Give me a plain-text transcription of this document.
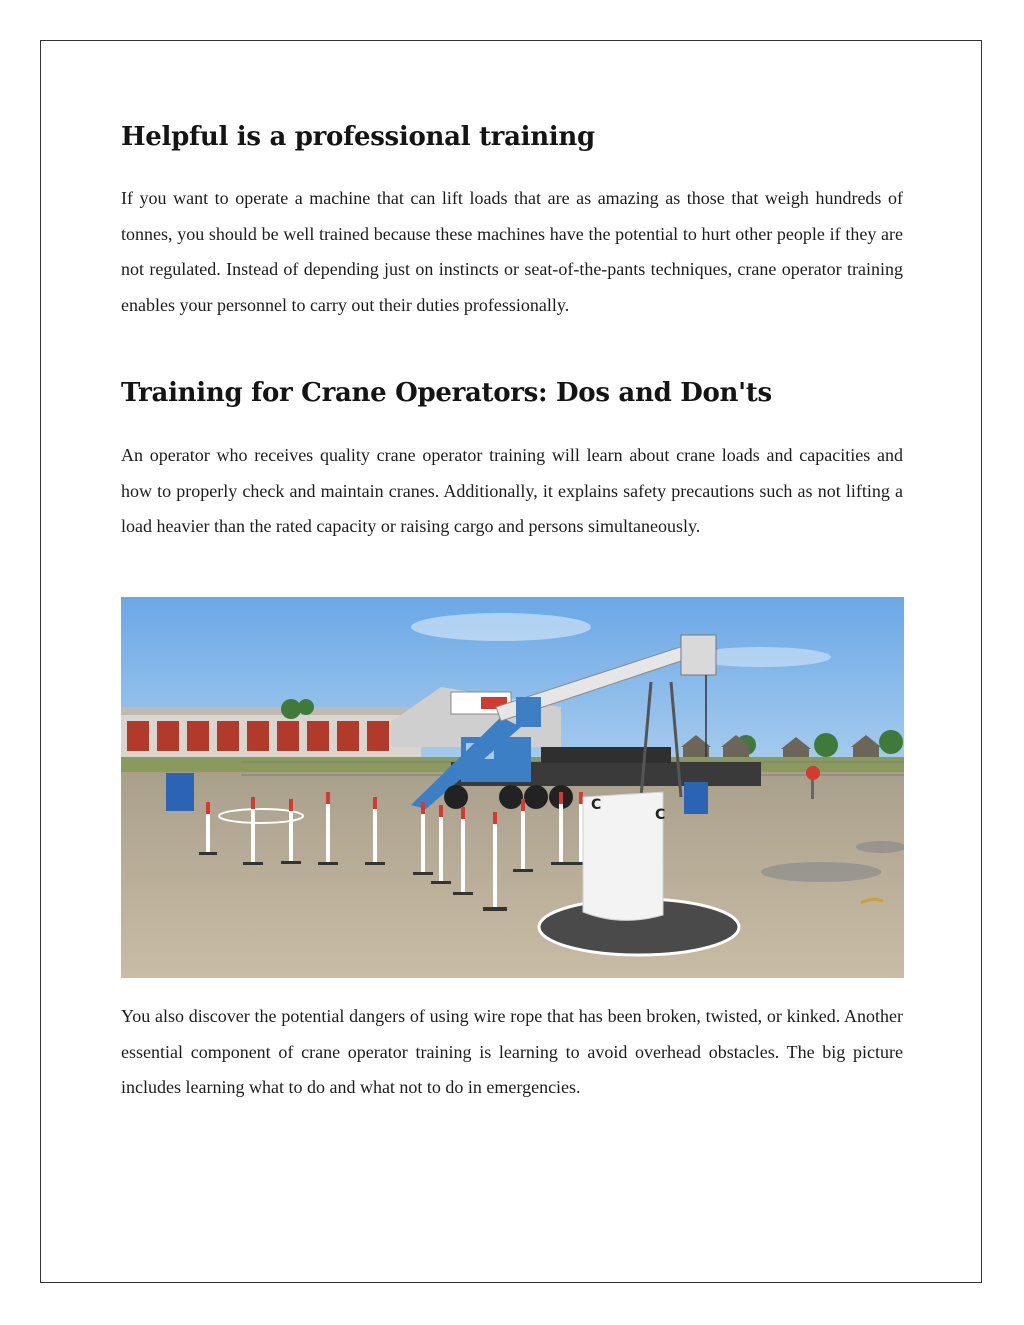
Helpful is a professional training

If you want to operate a machine that can lift loads that are as amazing as those that weigh hundreds of tonnes, you should be well trained because these machines have the potential to hurt other people if they are not regulated. Instead of depending just on instincts or seat-of-the-pants techniques, crane operator training enables your personnel to carry out their duties professionally.

Training for Crane Operators: Dos and Don'ts

An operator who receives quality crane operator training will learn about crane loads and capacities and how to properly check and maintain cranes. Additionally, it explains safety precautions such as not lifting a load heavier than the rated capacity or raising cargo and persons simultaneously.

You also discover the potential dangers of using wire rope that has been broken, twisted, or kinked. Another essential component of crane operator training is learning to avoid overhead obstacles. The big picture includes learning what to do and what not to do in emergencies.

C
C
